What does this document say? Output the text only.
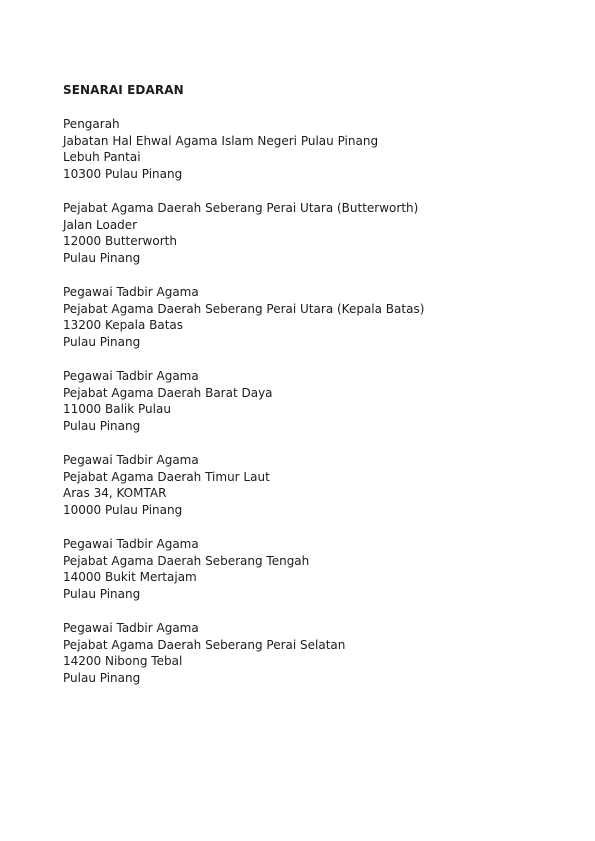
SENARAI EDARAN
Pengarah
Jabatan Hal Ehwal Agama Islam Negeri Pulau Pinang
Lebuh Pantai
10300 Pulau Pinang
Pejabat Agama Daerah Seberang Perai Utara (Butterworth)
Jalan Loader
12000 Butterworth
Pulau Pinang
Pegawai Tadbir Agama
Pejabat Agama Daerah Seberang Perai Utara (Kepala Batas)
13200 Kepala Batas
Pulau Pinang
Pegawai Tadbir Agama
Pejabat Agama Daerah Barat Daya
11000 Balik Pulau
Pulau Pinang
Pegawai Tadbir Agama
Pejabat Agama Daerah Timur Laut
Aras 34, KOMTAR
10000 Pulau Pinang
Pegawai Tadbir Agama
Pejabat Agama Daerah Seberang Tengah
14000 Bukit Mertajam
Pulau Pinang
Pegawai Tadbir Agama
Pejabat Agama Daerah Seberang Perai Selatan
14200 Nibong Tebal
Pulau Pinang
